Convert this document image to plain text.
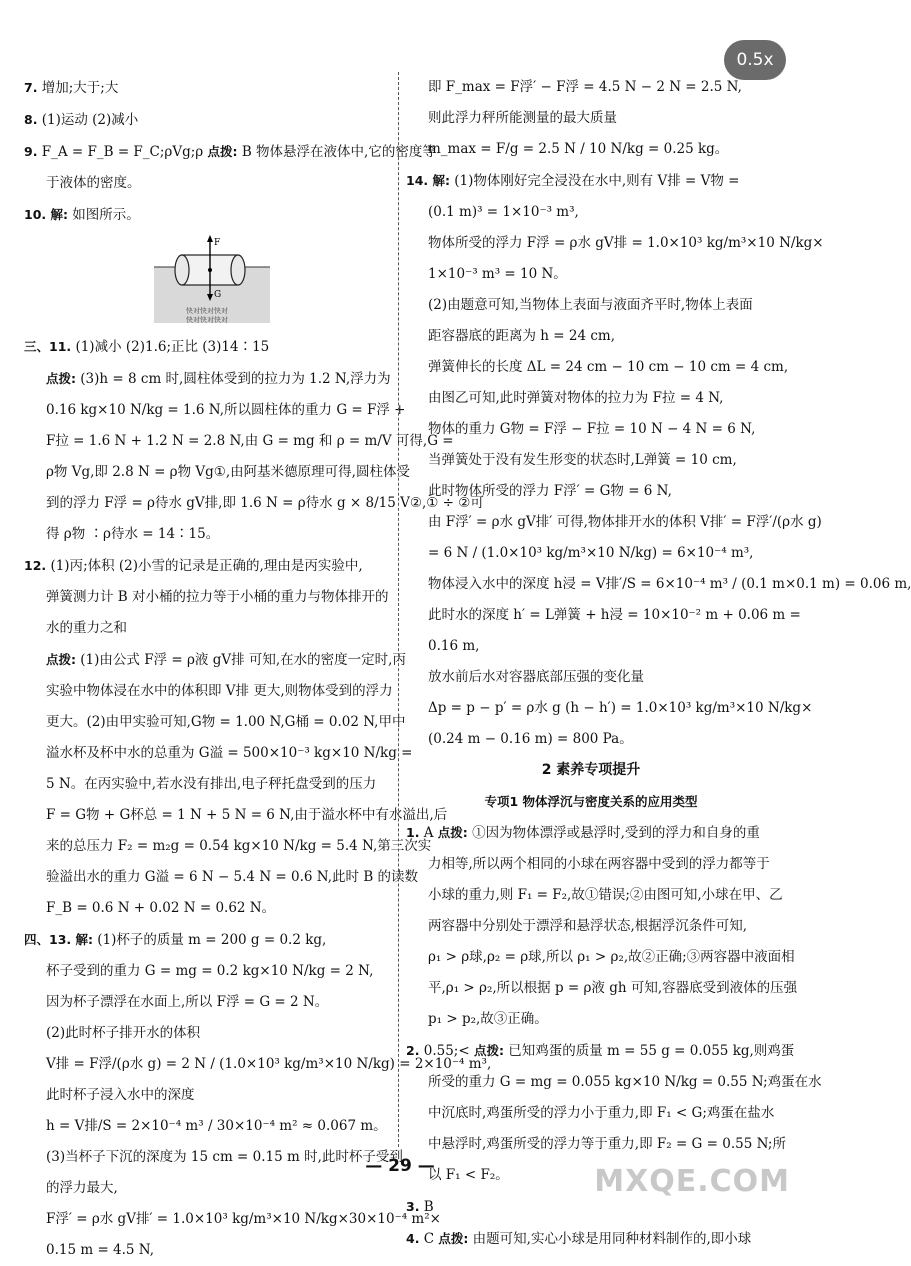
0.5x
7. 增加;大于;大
8. (1)运动 (2)减小
9. F_A = F_B = F_C;ρVg;ρ 点拨: B 物体悬浮在液体中,它的密度等
于液体的密度。
10. 解: 如图所示。
F
G
快对快对快对
快对快对快对
三、11. (1)减小 (2)1.6;正比 (3)14∶15
点拨: (3)h = 8 cm 时,圆柱体受到的拉力为 1.2 N,浮力为
0.16 kg×10 N/kg = 1.6 N,所以圆柱体的重力 G = F浮 +
F拉 = 1.6 N + 1.2 N = 2.8 N,由 G = mg 和 ρ = m/V 可得,G =
ρ物 Vg,即 2.8 N = ρ物 Vg①,由阿基米德原理可得,圆柱体受
到的浮力 F浮 = ρ待水 gV排,即 1.6 N = ρ待水 g × 8/15 V②,① ÷ ②可
得 ρ物 ∶ρ待水 = 14∶15。
12. (1)丙;体积 (2)小雪的记录是正确的,理由是丙实验中,
弹簧测力计 B 对小桶的拉力等于小桶的重力与物体排开的
水的重力之和
点拨: (1)由公式 F浮 = ρ液 gV排 可知,在水的密度一定时,丙
实验中物体浸在水中的体积即 V排 更大,则物体受到的浮力
更大。(2)由甲实验可知,G物 = 1.00 N,G桶 = 0.02 N,甲中
溢水杯及杯中水的总重为 G溢 = 500×10⁻³ kg×10 N/kg =
5 N。在丙实验中,若水没有排出,电子秤托盘受到的压力
F = G物 + G杯总 = 1 N + 5 N = 6 N,由于溢水杯中有水溢出,后
来的总压力 F₂ = m₂g = 0.54 kg×10 N/kg = 5.4 N,第三次实
验溢出水的重力 G溢 = 6 N − 5.4 N = 0.6 N,此时 B 的读数
F_B = 0.6 N + 0.02 N = 0.62 N。
四、13. 解: (1)杯子的质量 m = 200 g = 0.2 kg,
杯子受到的重力 G = mg = 0.2 kg×10 N/kg = 2 N,
因为杯子漂浮在水面上,所以 F浮 = G = 2 N。
(2)此时杯子排开水的体积
V排 = F浮/(ρ水 g) = 2 N / (1.0×10³ kg/m³×10 N/kg) = 2×10⁻⁴ m³,
此时杯子浸入水中的深度
h = V排/S = 2×10⁻⁴ m³ / 30×10⁻⁴ m² ≈ 0.067 m。
(3)当杯子下沉的深度为 15 cm = 0.15 m 时,此时杯子受到
的浮力最大,
F浮′ = ρ水 gV排′ = 1.0×10³ kg/m³×10 N/kg×30×10⁻⁴ m²×
0.15 m = 4.5 N,
即 F_max = F浮′ − F浮 = 4.5 N − 2 N = 2.5 N,
则此浮力秤所能测量的最大质量
m_max = F/g = 2.5 N / 10 N/kg = 0.25 kg。
14. 解: (1)物体刚好完全浸没在水中,则有 V排 = V物 =
(0.1 m)³ = 1×10⁻³ m³,
物体所受的浮力 F浮 = ρ水 gV排 = 1.0×10³ kg/m³×10 N/kg×
1×10⁻³ m³ = 10 N。
(2)由题意可知,当物体上表面与液面齐平时,物体上表面
距容器底的距离为 h = 24 cm,
弹簧伸长的长度 ΔL = 24 cm − 10 cm − 10 cm = 4 cm,
由图乙可知,此时弹簧对物体的拉力为 F拉 = 4 N,
物体的重力 G物 = F浮 − F拉 = 10 N − 4 N = 6 N,
当弹簧处于没有发生形变的状态时,L弹簧 = 10 cm,
此时物体所受的浮力 F浮′ = G物 = 6 N,
由 F浮′ = ρ水 gV排′ 可得,物体排开水的体积 V排′ = F浮′/(ρ水 g)
= 6 N / (1.0×10³ kg/m³×10 N/kg) = 6×10⁻⁴ m³,
物体浸入水中的深度 h浸 = V排′/S = 6×10⁻⁴ m³ / (0.1 m×0.1 m) = 0.06 m,
此时水的深度 h′ = L弹簧 + h浸 = 10×10⁻² m + 0.06 m =
0.16 m,
放水前后水对容器底部压强的变化量
Δp = p − p′ = ρ水 g (h − h′) = 1.0×10³ kg/m³×10 N/kg×
(0.24 m − 0.16 m) = 800 Pa。
2 素养专项提升
专项1 物体浮沉与密度关系的应用类型
1. A 点拨: ①因为物体漂浮或悬浮时,受到的浮力和自身的重
力相等,所以两个相同的小球在两容器中受到的浮力都等于
小球的重力,则 F₁ = F₂,故①错误;②由图可知,小球在甲、乙
两容器中分别处于漂浮和悬浮状态,根据浮沉条件可知,
ρ₁ > ρ球,ρ₂ = ρ球,所以 ρ₁ > ρ₂,故②正确;③两容器中液面相
平,ρ₁ > ρ₂,所以根据 p = ρ液 gh 可知,容器底受到液体的压强
p₁ > p₂,故③正确。
2. 0.55;< 点拨: 已知鸡蛋的质量 m = 55 g = 0.055 kg,则鸡蛋
所受的重力 G = mg = 0.055 kg×10 N/kg = 0.55 N;鸡蛋在水
中沉底时,鸡蛋所受的浮力小于重力,即 F₁ < G;鸡蛋在盐水
中悬浮时,鸡蛋所受的浮力等于重力,即 F₂ = G = 0.55 N;所
以 F₁ < F₂。
3. B
4. C 点拨: 由题可知,实心小球是用同种材料制作的,即小球
— 29 —	MXQE.COM
